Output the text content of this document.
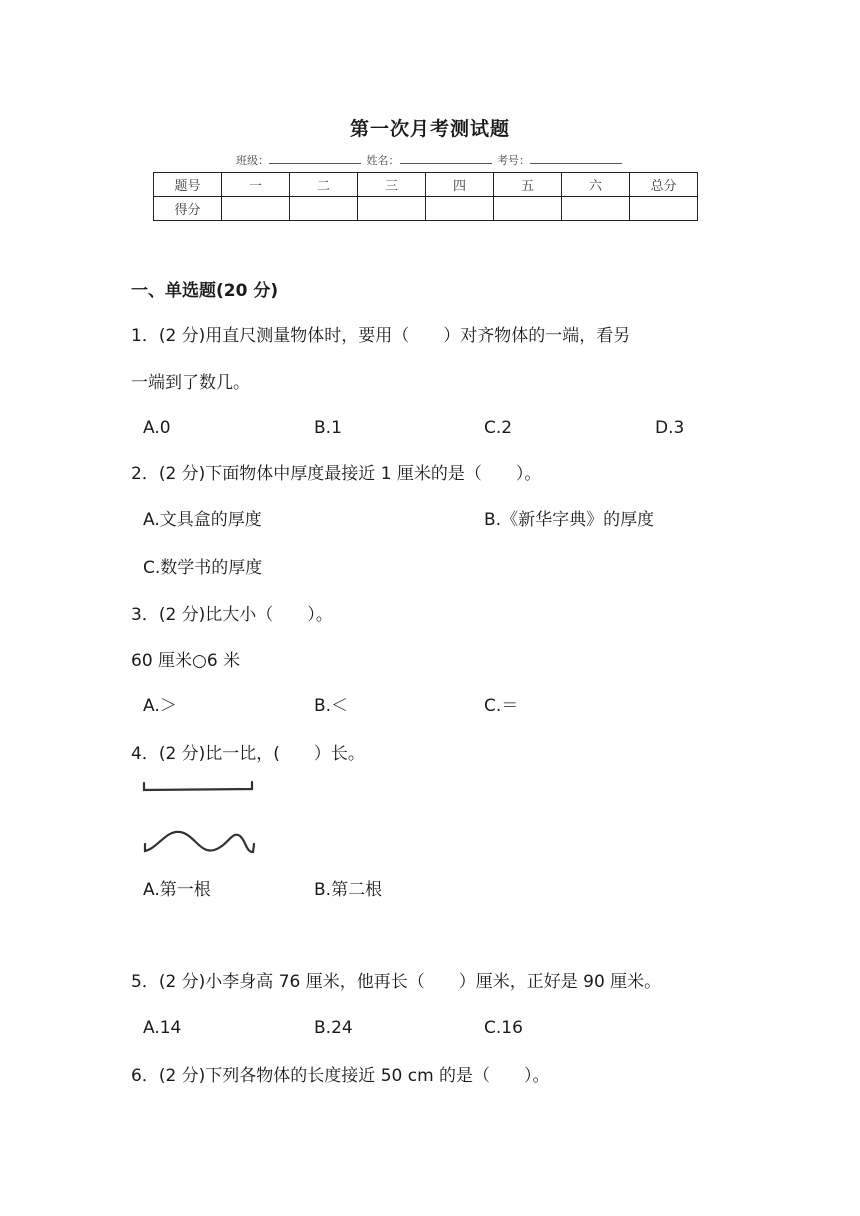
第一次月考测试题
班级：	姓名：	考号：
题号	一	二	三	四	五	六	总分
得分							
一、单选题(20 分)
1．(2 分)用直尺测量物体时，要用（　　）对齐物体的一端，看另
一端到了数几。
A.0	B.1	C.2	D.3
2．(2 分)下面物体中厚度最接近 1 厘米的是（　　）。
A.文具盒的厚度	B.《新华字典》的厚度
C.数学书的厚度
3．(2 分)比大小（　　）。
60 厘米○6 米
A.＞	B.＜	C.＝
4．(2 分)比一比，(　　）长。
A.第一根	B.第二根
5．(2 分)小李身高 76 厘米，他再长（　　）厘米，正好是 90 厘米。
A.14	B.24	C.16
6．(2 分)下列各物体的长度接近 50 cm 的是（　　）。
